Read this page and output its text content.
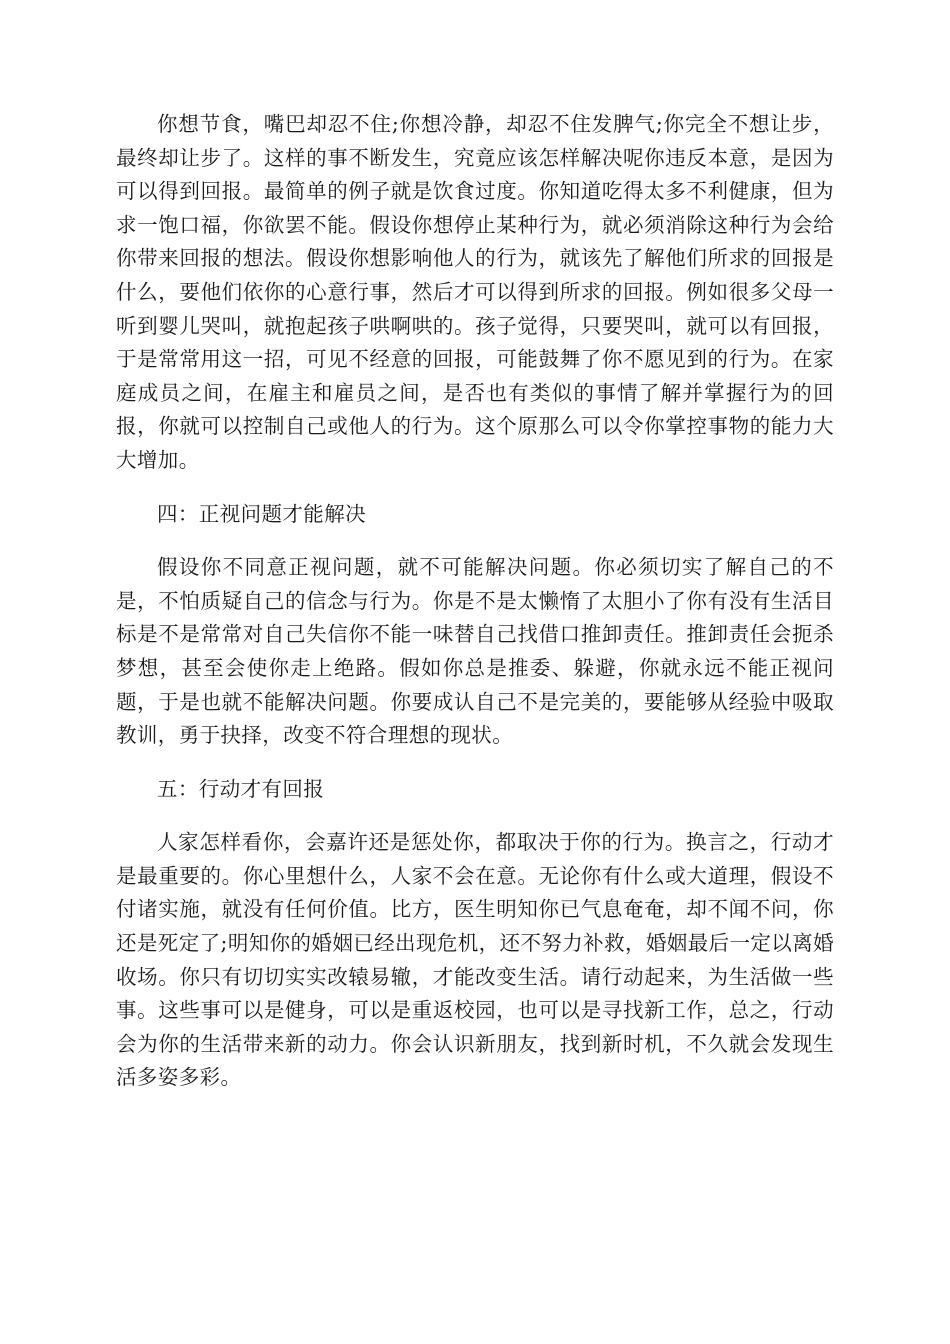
你想节食，嘴巴却忍不住;你想冷静，却忍不住发脾气;你完全不想让步，最终却让步了。这样的事不断发生，究竟应该怎样解决呢你违反本意，是因为可以得到回报。最简单的例子就是饮食过度。你知道吃得太多不利健康，但为求一饱口福，你欲罢不能。假设你想停止某种行为，就必须消除这种行为会给你带来回报的想法。假设你想影响他人的行为，就该先了解他们所求的回报是什么，要他们依你的心意行事，然后才可以得到所求的回报。例如很多父母一听到婴儿哭叫，就抱起孩子哄啊哄的。孩子觉得，只要哭叫，就可以有回报，于是常常用这一招，可见不经意的回报，可能鼓舞了你不愿见到的行为。在家庭成员之间，在雇主和雇员之间，是否也有类似的事情了解并掌握行为的回报，你就可以控制自己或他人的行为。这个原那么可以令你掌控事物的能力大大增加。

四：正视问题才能解决

假设你不同意正视问题，就不可能解决问题。你必须切实了解自己的不是，不怕质疑自己的信念与行为。你是不是太懒惰了太胆小了你有没有生活目标是不是常常对自己失信你不能一味替自己找借口推卸责任。推卸责任会扼杀梦想，甚至会使你走上绝路。假如你总是推委、躲避，你就永远不能正视问题，于是也就不能解决问题。你要成认自己不是完美的，要能够从经验中吸取教训，勇于抉择，改变不符合理想的现状。

五：行动才有回报

人家怎样看你，会嘉许还是惩处你，都取决于你的行为。换言之，行动才是最重要的。你心里想什么，人家不会在意。无论你有什么或大道理，假设不付诸实施，就没有任何价值。比方，医生明知你已气息奄奄，却不闻不问，你还是死定了;明知你的婚姻已经出现危机，还不努力补救，婚姻最后一定以离婚收场。你只有切切实实改辕易辙，才能改变生活。请行动起来，为生活做一些事。这些事可以是健身，可以是重返校园，也可以是寻找新工作，总之，行动会为你的生活带来新的动力。你会认识新朋友，找到新时机，不久就会发现生活多姿多彩。
